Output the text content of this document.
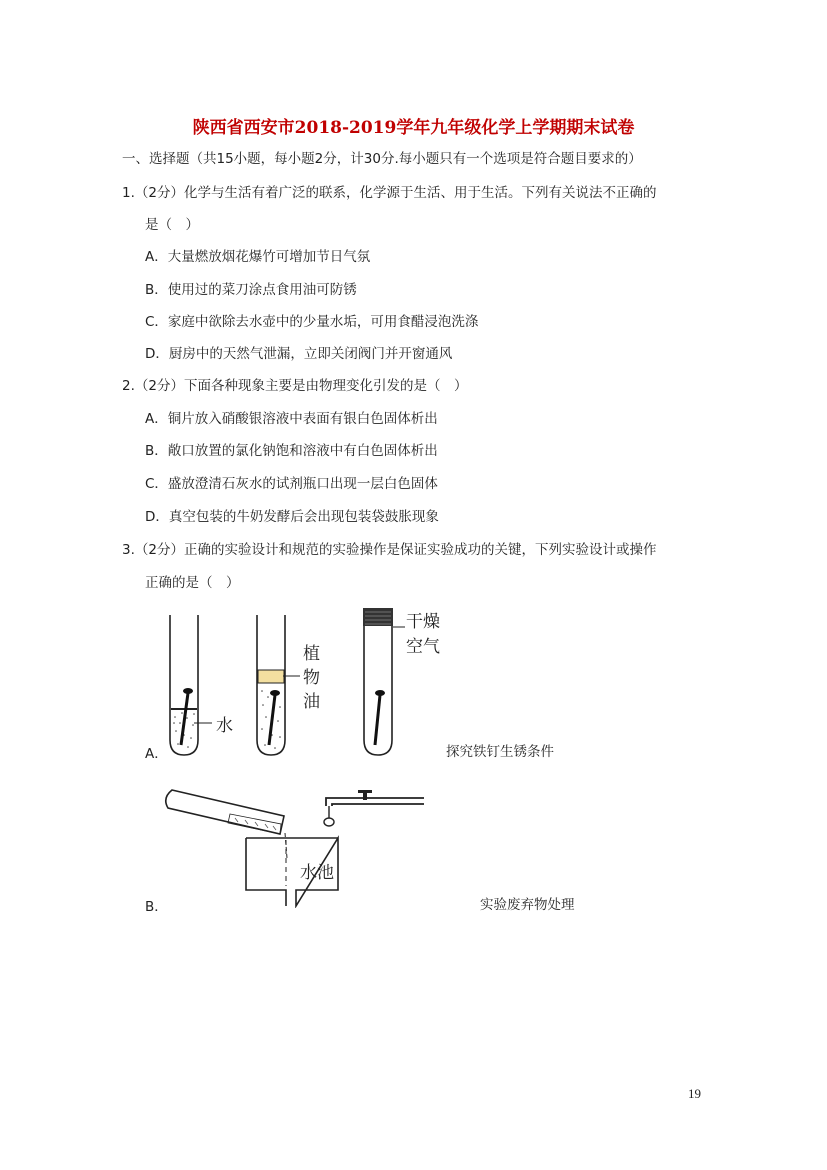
陕西省西安市2018-2019学年九年级化学上学期期末试卷
一、选择题（共15小题，每小题2分，计30分.每小题只有一个选项是符合题目要求的）
1.（2分）化学与生活有着广泛的联系，化学源于生活、用于生活。下列有关说法不正确的
是（　）
A．大量燃放烟花爆竹可增加节日气氛
B．使用过的菜刀涂点食用油可防锈
C．家庭中欲除去水壶中的少量水垢，可用食醋浸泡洗涤
D．厨房中的天然气泄漏，立即关闭阀门并开窗通风
2.（2分）下面各种现象主要是由物理变化引发的是（　）
A．铜片放入硝酸银溶液中表面有银白色固体析出
B．敞口放置的氯化钠饱和溶液中有白色固体析出
C．盛放澄清石灰水的试剂瓶口出现一层白色固体
D．真空包装的牛奶发酵后会出现包装袋鼓胀现象
3.（2分）正确的实验设计和规范的实验操作是保证实验成功的关键，下列实验设计或操作
正确的是（　）
水
植
物
油
干燥
空气
A．	探究铁钉生锈条件
水池
B．	实验废弃物处理
19
